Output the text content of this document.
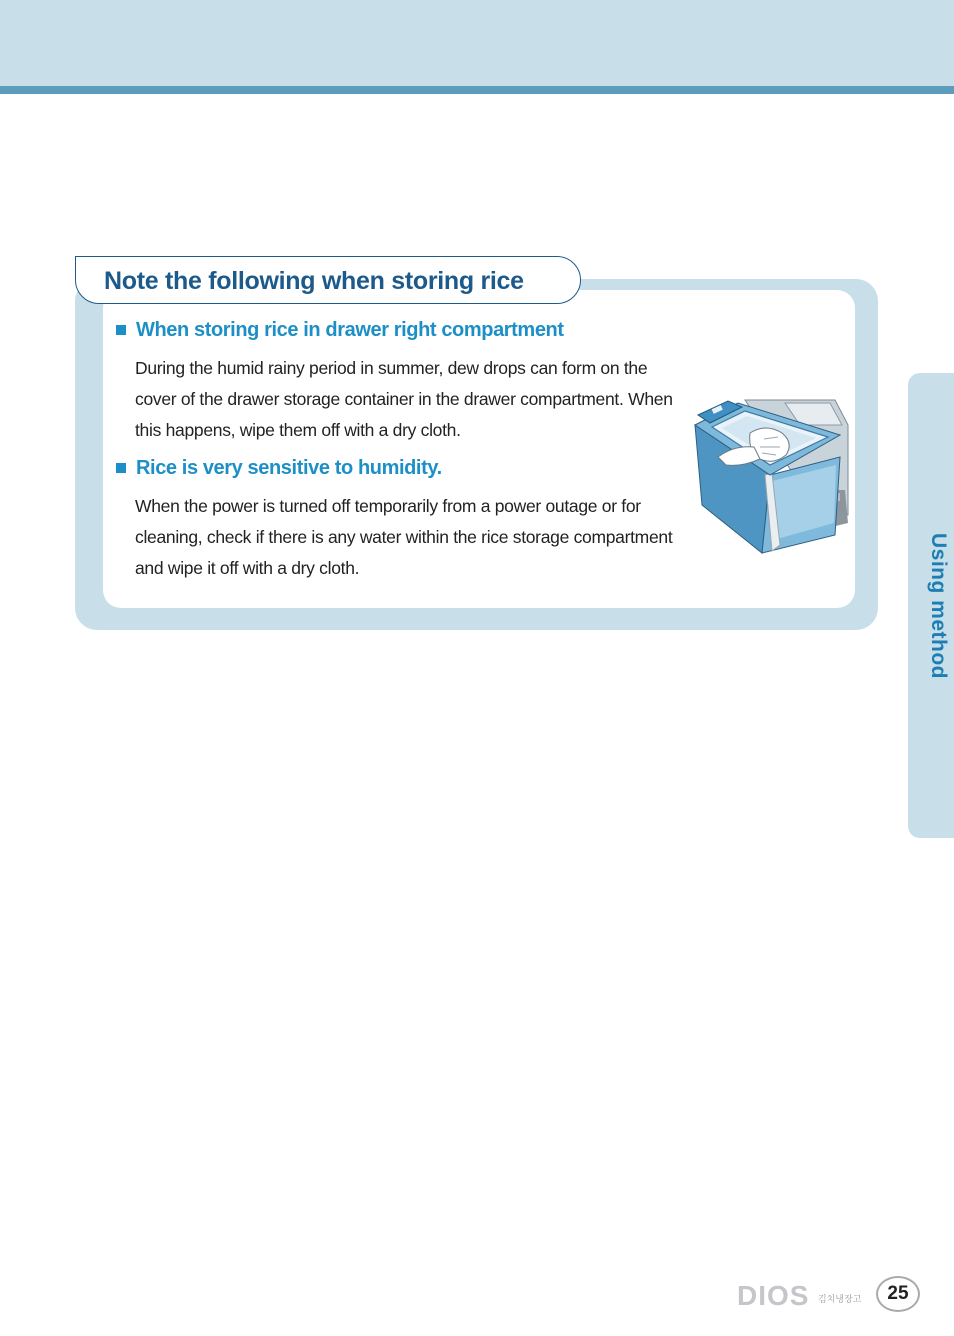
Using method
Note the following when storing rice
When storing rice in drawer right compartment
During the humid rainy period in summer, dew drops can form on the
cover of the drawer storage container in the drawer compartment. When
this happens, wipe them off with a dry cloth.
Rice is very sensitive to humidity.
When the power is turned off temporarily from a power outage or for
cleaning, check if there is any water within the rice storage compartment
and wipe it off with a dry cloth.
DIOS 김치냉장고	25
